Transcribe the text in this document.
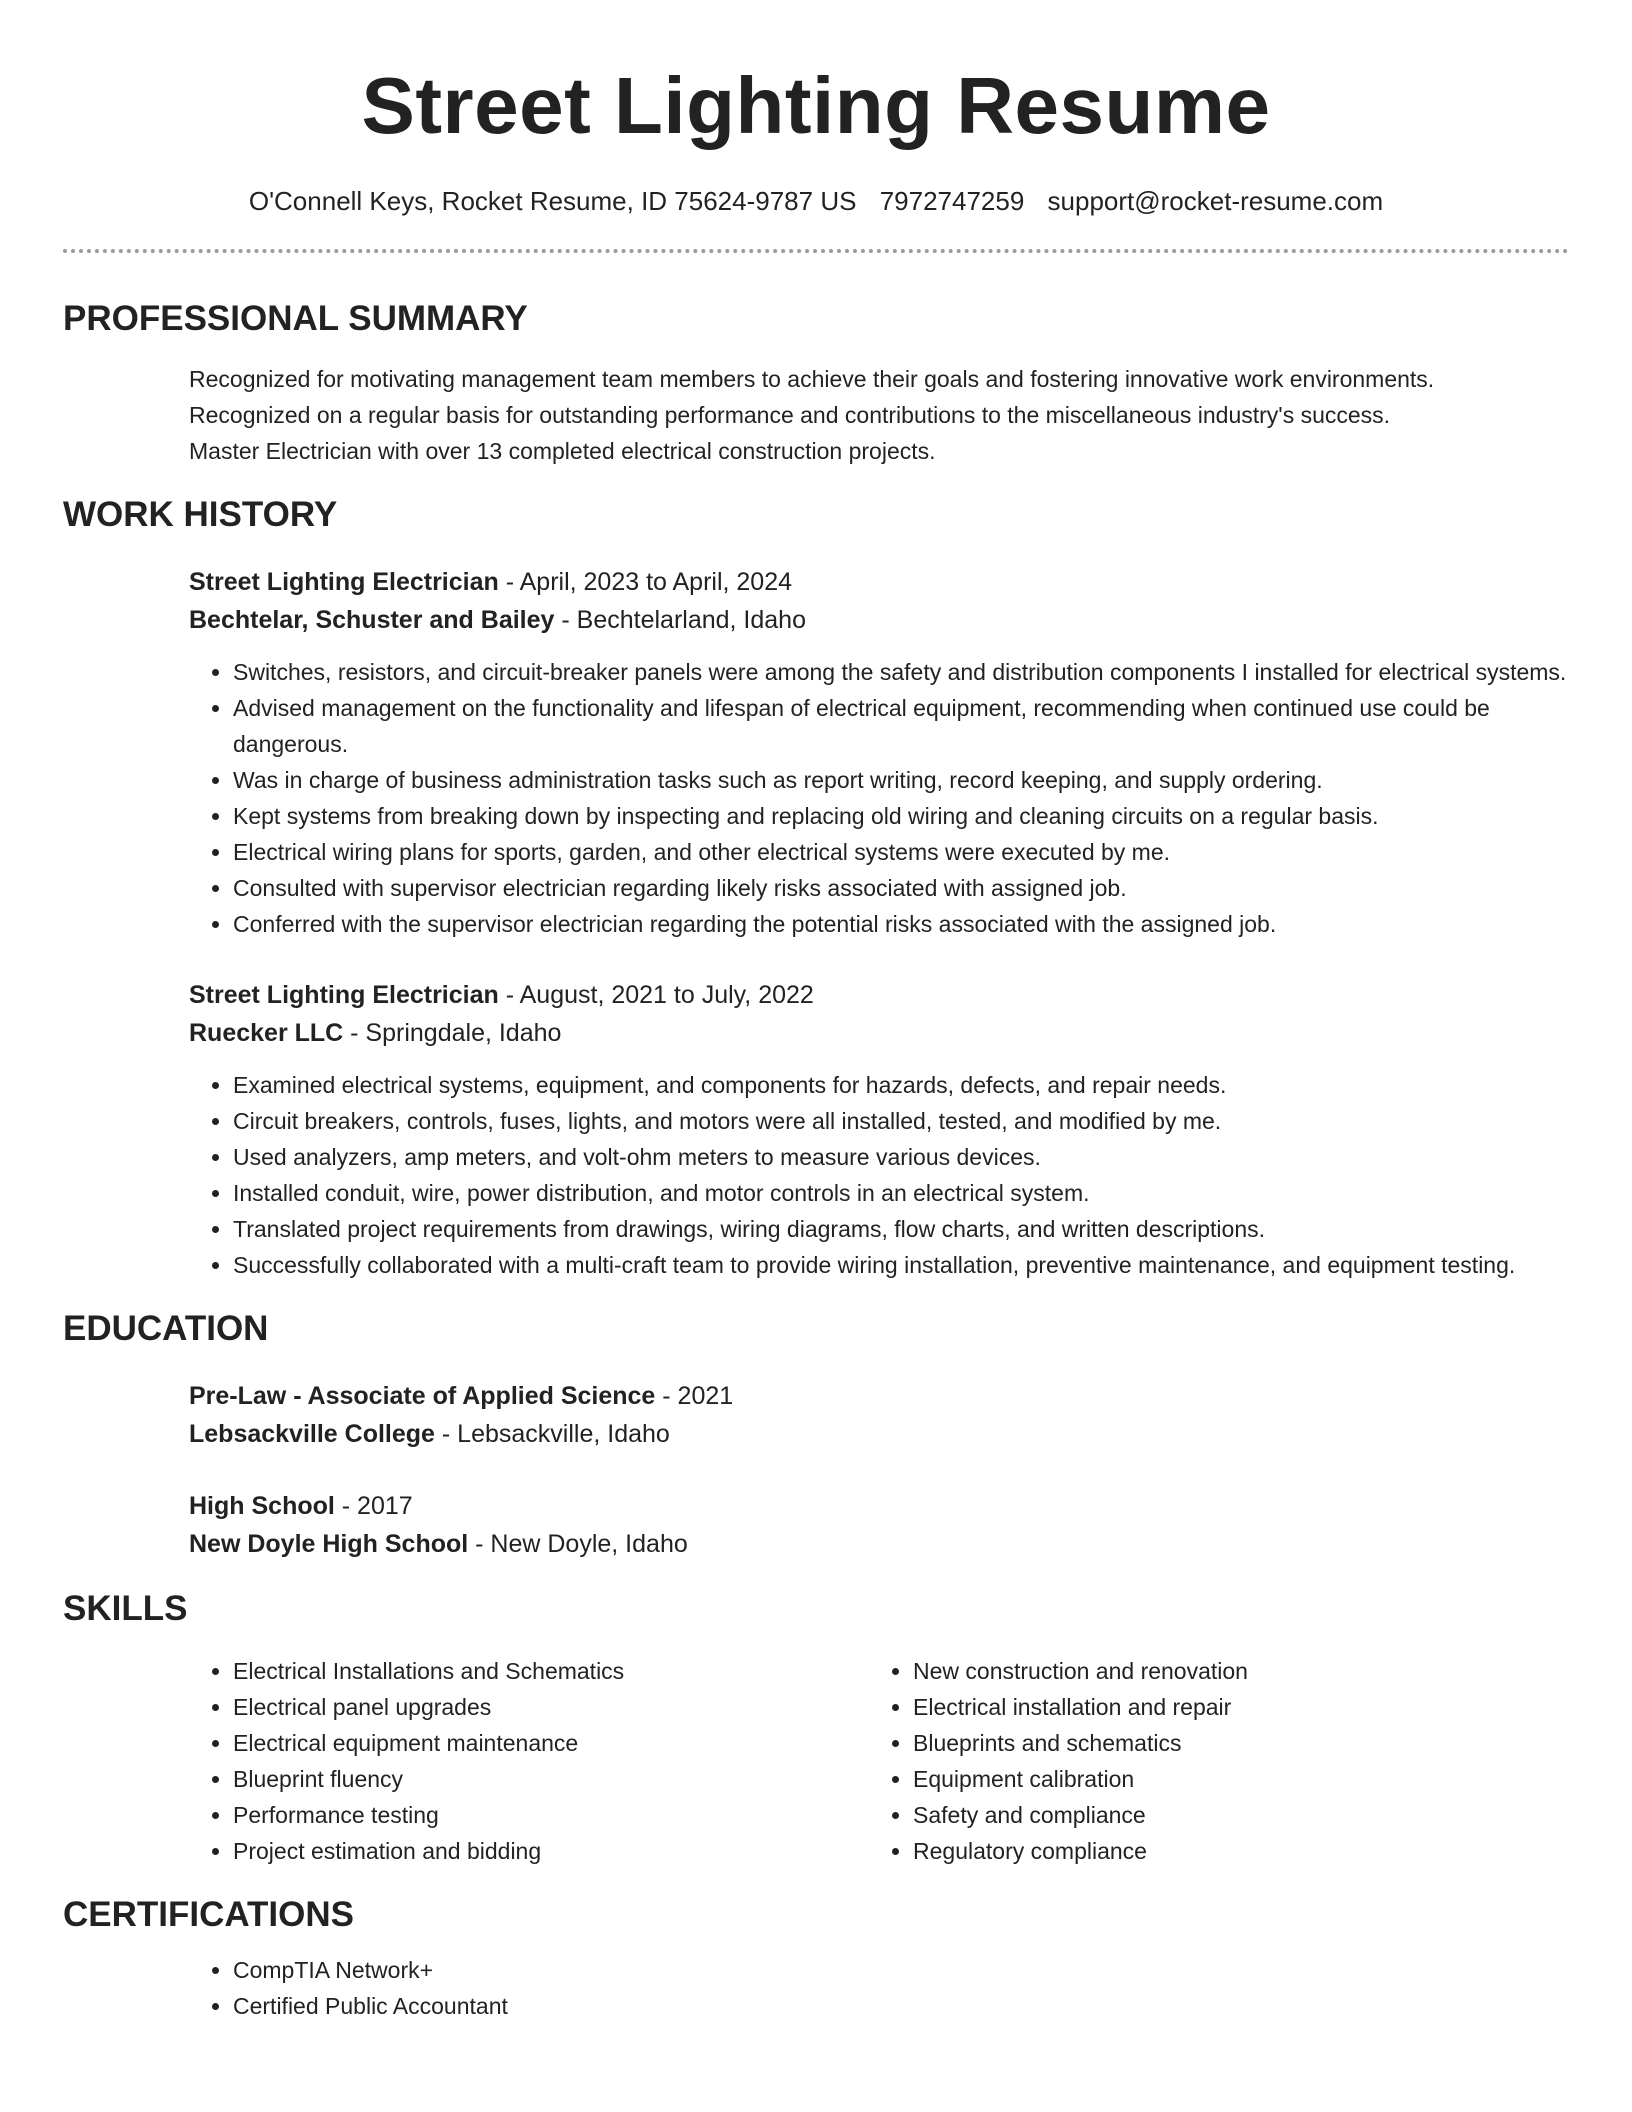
Street Lighting Resume
O'Connell Keys, Rocket Resume, ID 75624-9787 US 7972747259 support@rocket-resume.com
PROFESSIONAL SUMMARY
Recognized for motivating management team members to achieve their goals and fostering innovative work environments.
Recognized on a regular basis for outstanding performance and contributions to the miscellaneous industry's success.
Master Electrician with over 13 completed electrical construction projects.
WORK HISTORY
Street Lighting Electrician - April, 2023 to April, 2024
Bechtelar, Schuster and Bailey - Bechtelarland, Idaho
• Switches, resistors, and circuit-breaker panels were among the safety and distribution components I installed for electrical systems.
• Advised management on the functionality and lifespan of electrical equipment, recommending when continued use could be dangerous.
• Was in charge of business administration tasks such as report writing, record keeping, and supply ordering.
• Kept systems from breaking down by inspecting and replacing old wiring and cleaning circuits on a regular basis.
• Electrical wiring plans for sports, garden, and other electrical systems were executed by me.
• Consulted with supervisor electrician regarding likely risks associated with assigned job.
• Conferred with the supervisor electrician regarding the potential risks associated with the assigned job.
Street Lighting Electrician - August, 2021 to July, 2022
Ruecker LLC - Springdale, Idaho
• Examined electrical systems, equipment, and components for hazards, defects, and repair needs.
• Circuit breakers, controls, fuses, lights, and motors were all installed, tested, and modified by me.
• Used analyzers, amp meters, and volt-ohm meters to measure various devices.
• Installed conduit, wire, power distribution, and motor controls in an electrical system.
• Translated project requirements from drawings, wiring diagrams, flow charts, and written descriptions.
• Successfully collaborated with a multi-craft team to provide wiring installation, preventive maintenance, and equipment testing.
EDUCATION
Pre-Law - Associate of Applied Science - 2021
Lebsackville College - Lebsackville, Idaho
High School - 2017
New Doyle High School - New Doyle, Idaho
SKILLS
• Electrical Installations and Schematics
• Electrical panel upgrades
• Electrical equipment maintenance
• Blueprint fluency
• Performance testing
• Project estimation and bidding
• New construction and renovation
• Electrical installation and repair
• Blueprints and schematics
• Equipment calibration
• Safety and compliance
• Regulatory compliance
CERTIFICATIONS
• CompTIA Network+
• Certified Public Accountant
